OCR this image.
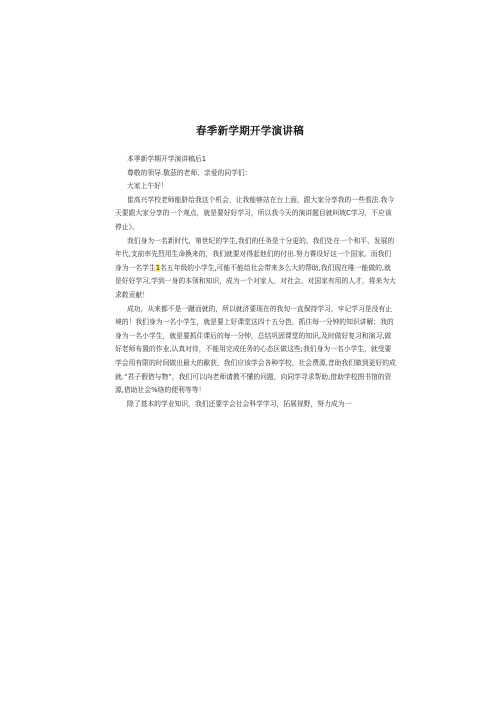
春季新学期开学演讲稿

本季新学期开学演讲稿后1

尊敬的领导.敬茲的老师、亲爱的同学们：

大家上午好！

崔高兴学校老师能脐给我这个机会，让我能够站在台上面，跟大家分享我的一些看法.我今天要跟大家分享的一个观点，就是要好好学习，所以我今天的演讲题目就叫坡C学习，不应该停止》。

我们身为一名新时代、第世纪的学生,我们的任务是十分更的。我们处在一个和平、发展的年代,支前率先烈用生命換来的，我们就要对得起他们的付出.努力赛设好这一个国家。而我们身为一名学生1名五年级的小学生,可能不能给社会带来多么大的帮助,我们现在唯一能做的,就是好好学习,学到一身的本领和知识，成为一个对家人、对社会、对国家有用的人才，将来为大求救贡献！

成功，从来都不是一蹴而就的，所以就济要现在的我旬一直保持学习，牢记学习是没有止境的！我们身为一名小学生，就是要上好课堂这四十五分笆，抓住每一分钟的知识讲解；我的身为一名小学生，就是要抓住课后的每一分钟，总结巩固课堂的知识,及时做好复习和演习,做好老师布置的作业,认真对待，不能用完成任务的心态区做这些;我们身为一名小学生，就受要学会用有限的时间做出最大的歐获，我们应该学会各种学校，社会费源,昔助我们做到更好的成就.“君子假借与物”，我们可以向老师请教不懂的问题，向同学寻求帮助,借助学校图书馆的资源,借助社会%络的便利等等！

除了基本的学业知识，我们还要学会社会科学学习，拓展视野，努力成为一
